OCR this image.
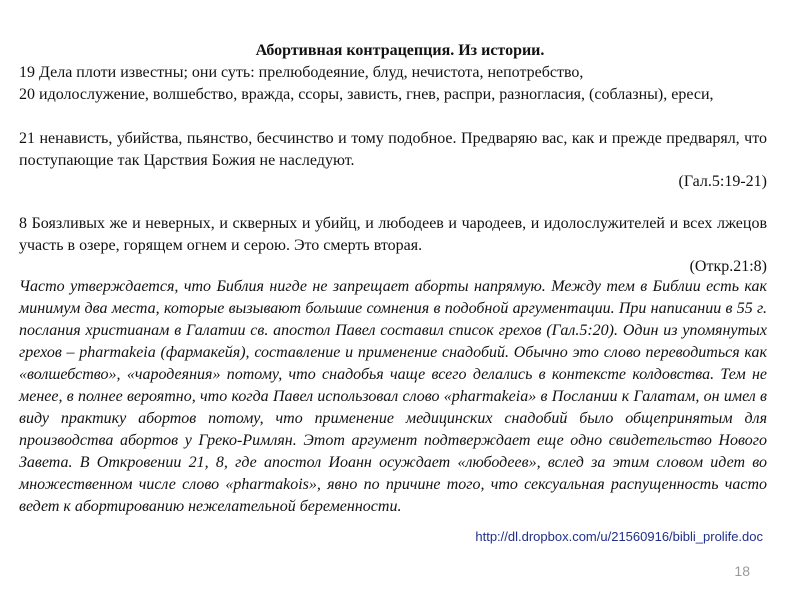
Абортивная контрацепция. Из истории.
19 Дела плоти известны; они суть: прелюбодеяние, блуд, нечистота, непотребство,
20 идолослужение, волшебство, вражда, ссоры, зависть, гнев, распри, разногласия, (соблазны), ереси,
21 ненависть, убийства, пьянство, бесчинство и тому подобное. Предваряю вас, как и прежде предварял, что поступающие так Царствия Божия не наследуют.
(Гал.5:19-21)
8 Боязливых же и неверных, и скверных и убийц, и любодеев и чародеев, и идолослужителей и всех лжецов участь в озере, горящем огнем и серою. Это смерть вторая.
(Откр.21:8)
Часто утверждается, что Библия нигде не запрещает аборты напрямую. Между тем в Библии есть как минимум два места, которые вызывают большие сомнения в подобной аргументации. При написании в 55 г. послания христианам в Галатии св. апостол Павел составил список грехов (Гал.5:20). Один из упомянутых грехов – pharmakeia (фармакейя), составление и применение снадобий. Обычно это слово переводиться как «волшебство», «чародеяния» потому, что снадобья чаще всего делались в контексте колдовства. Тем не менее, в полнее вероятно, что когда Павел использовал слово «pharmakeia» в Послании к Галатам, он имел в виду практику абортов потому, что применение медицинских снадобий было общепринятым для производства абортов у Греко-Римлян. Этот аргумент подтверждает еще одно свидетельство Нового Завета. В Откровении 21, 8, где апостол Иоанн осуждает «любодеев», вслед за этим словом идет во множественном числе слово «pharmakois», явно по причине того, что сексуальная распущенность часто ведет к абортированию нежелательной беременности.
http://dl.dropbox.com/u/21560916/bibli_prolife.doc
18
